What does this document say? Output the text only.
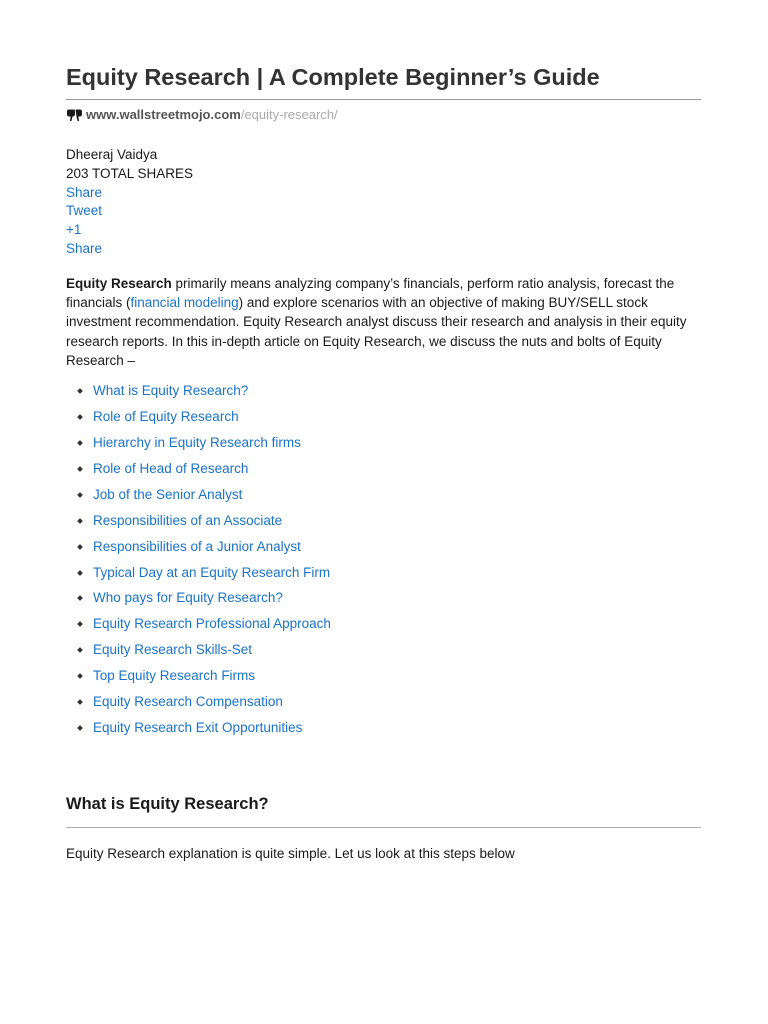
Equity Research | A Complete Beginner’s Guide
www.wallstreetmojo.com /equity-research/
Dheeraj Vaidya
203 TOTAL SHARES
Share
Tweet
+1
Share

Equity Research primarily means analyzing company’s financials, perform ratio analysis, forecast the financials (financial modeling) and explore scenarios with an objective of making BUY/SELL stock investment recommendation. Equity Research analyst discuss their research and analysis in their equity research reports. In this in-depth article on Equity Research, we discuss the nuts and bolts of Equity Research –

What is Equity Research?
Role of Equity Research
Hierarchy in Equity Research firms
Role of Head of Research
Job of the Senior Analyst
Responsibilities of an Associate
Responsibilities of a Junior Analyst
Typical Day at an Equity Research Firm
Who pays for Equity Research?
Equity Research Professional Approach
Equity Research Skills-Set
Top Equity Research Firms
Equity Research Compensation
Equity Research Exit Opportunities
What is Equity Research?

Equity Research explanation is quite simple. Let us look at this steps below
